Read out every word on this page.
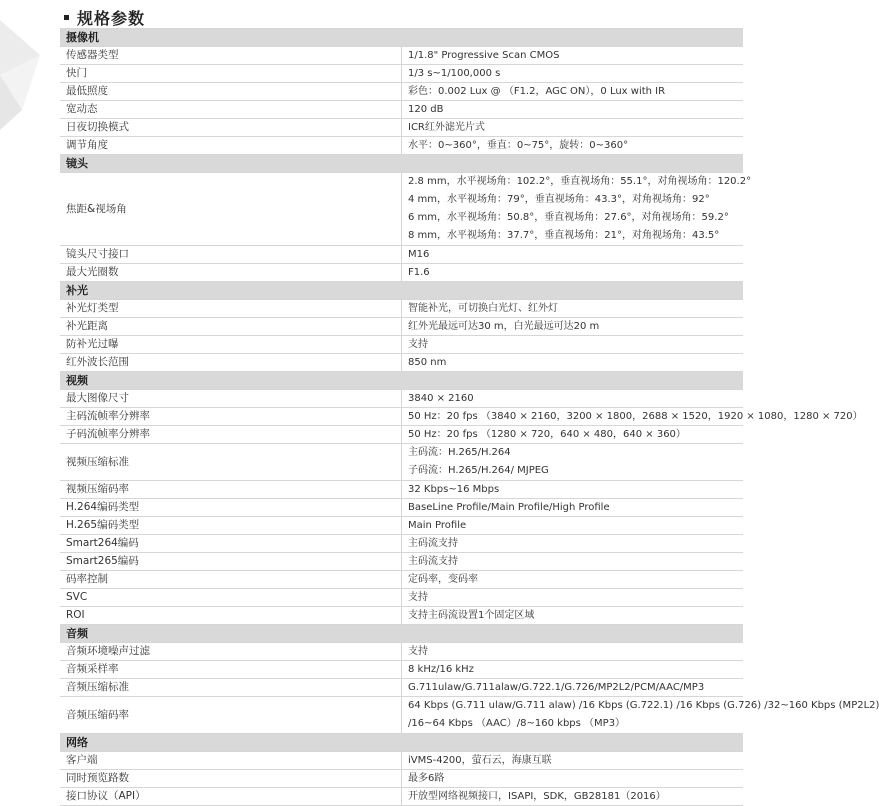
规格参数
摄像机	
传感器类型	1/1.8" Progressive Scan CMOS
快门	1/3 s~1/100,000 s
最低照度	彩色：0.002 Lux @ （F1.2，AGC ON），0 Lux with IR
宽动态	120 dB
日夜切换模式	ICR红外滤光片式
调节角度	水平：0~360°，垂直：0~75°，旋转：0~360°
镜头	
焦距&视场角	2.8 mm，水平视场角：102.2°，垂直视场角：55.1°，对角视场角：120.2°
4 mm，水平视场角：79°，垂直视场角：43.3°，对角视场角：92°
6 mm，水平视场角：50.8°，垂直视场角：27.6°，对角视场角：59.2°
8 mm，水平视场角：37.7°，垂直视场角：21°，对角视场角：43.5°

镜头尺寸接口	M16
最大光圈数	F1.6
补光	
补光灯类型	智能补光，可切换白光灯、红外灯
补光距离	红外光最远可达30 m，白光最远可达20 m
防补光过曝	支持
红外波长范围	850 nm
视频	
最大图像尺寸	3840 × 2160
主码流帧率分辨率	50 Hz：20 fps （3840 × 2160，3200 × 1800，2688 × 1520，1920 × 1080，1280 × 720）
子码流帧率分辨率	50 Hz：20 fps （1280 × 720，640 × 480，640 × 360）
视频压缩标准	主码流：H.265/H.264
子码流：H.265/H.264/ MJPEG

视频压缩码率	32 Kbps~16 Mbps
H.264编码类型	BaseLine Profile/Main Profile/High Profile
H.265编码类型	Main Profile
Smart264编码	主码流支持
Smart265编码	主码流支持
码率控制	定码率，变码率
SVC	支持
ROI	支持主码流设置1个固定区域
音频	
音频环境噪声过滤	支持
音频采样率	8 kHz/16 kHz
音频压缩标准	G.711ulaw/G.711alaw/G.722.1/G.726/MP2L2/PCM/AAC/MP3
音频压缩码率	64 Kbps (G.711 ulaw/G.711 alaw) /16 Kbps (G.722.1) /16 Kbps (G.726) /32~160 Kbps (MP2L2)
/16~64 Kbps （AAC）/8~160 kbps （MP3）

网络	
客户端	iVMS-4200，萤石云，海康互联
同时预览路数	最多6路
接口协议（API）	开放型网络视频接口，ISAPI，SDK，GB28181（2016）
